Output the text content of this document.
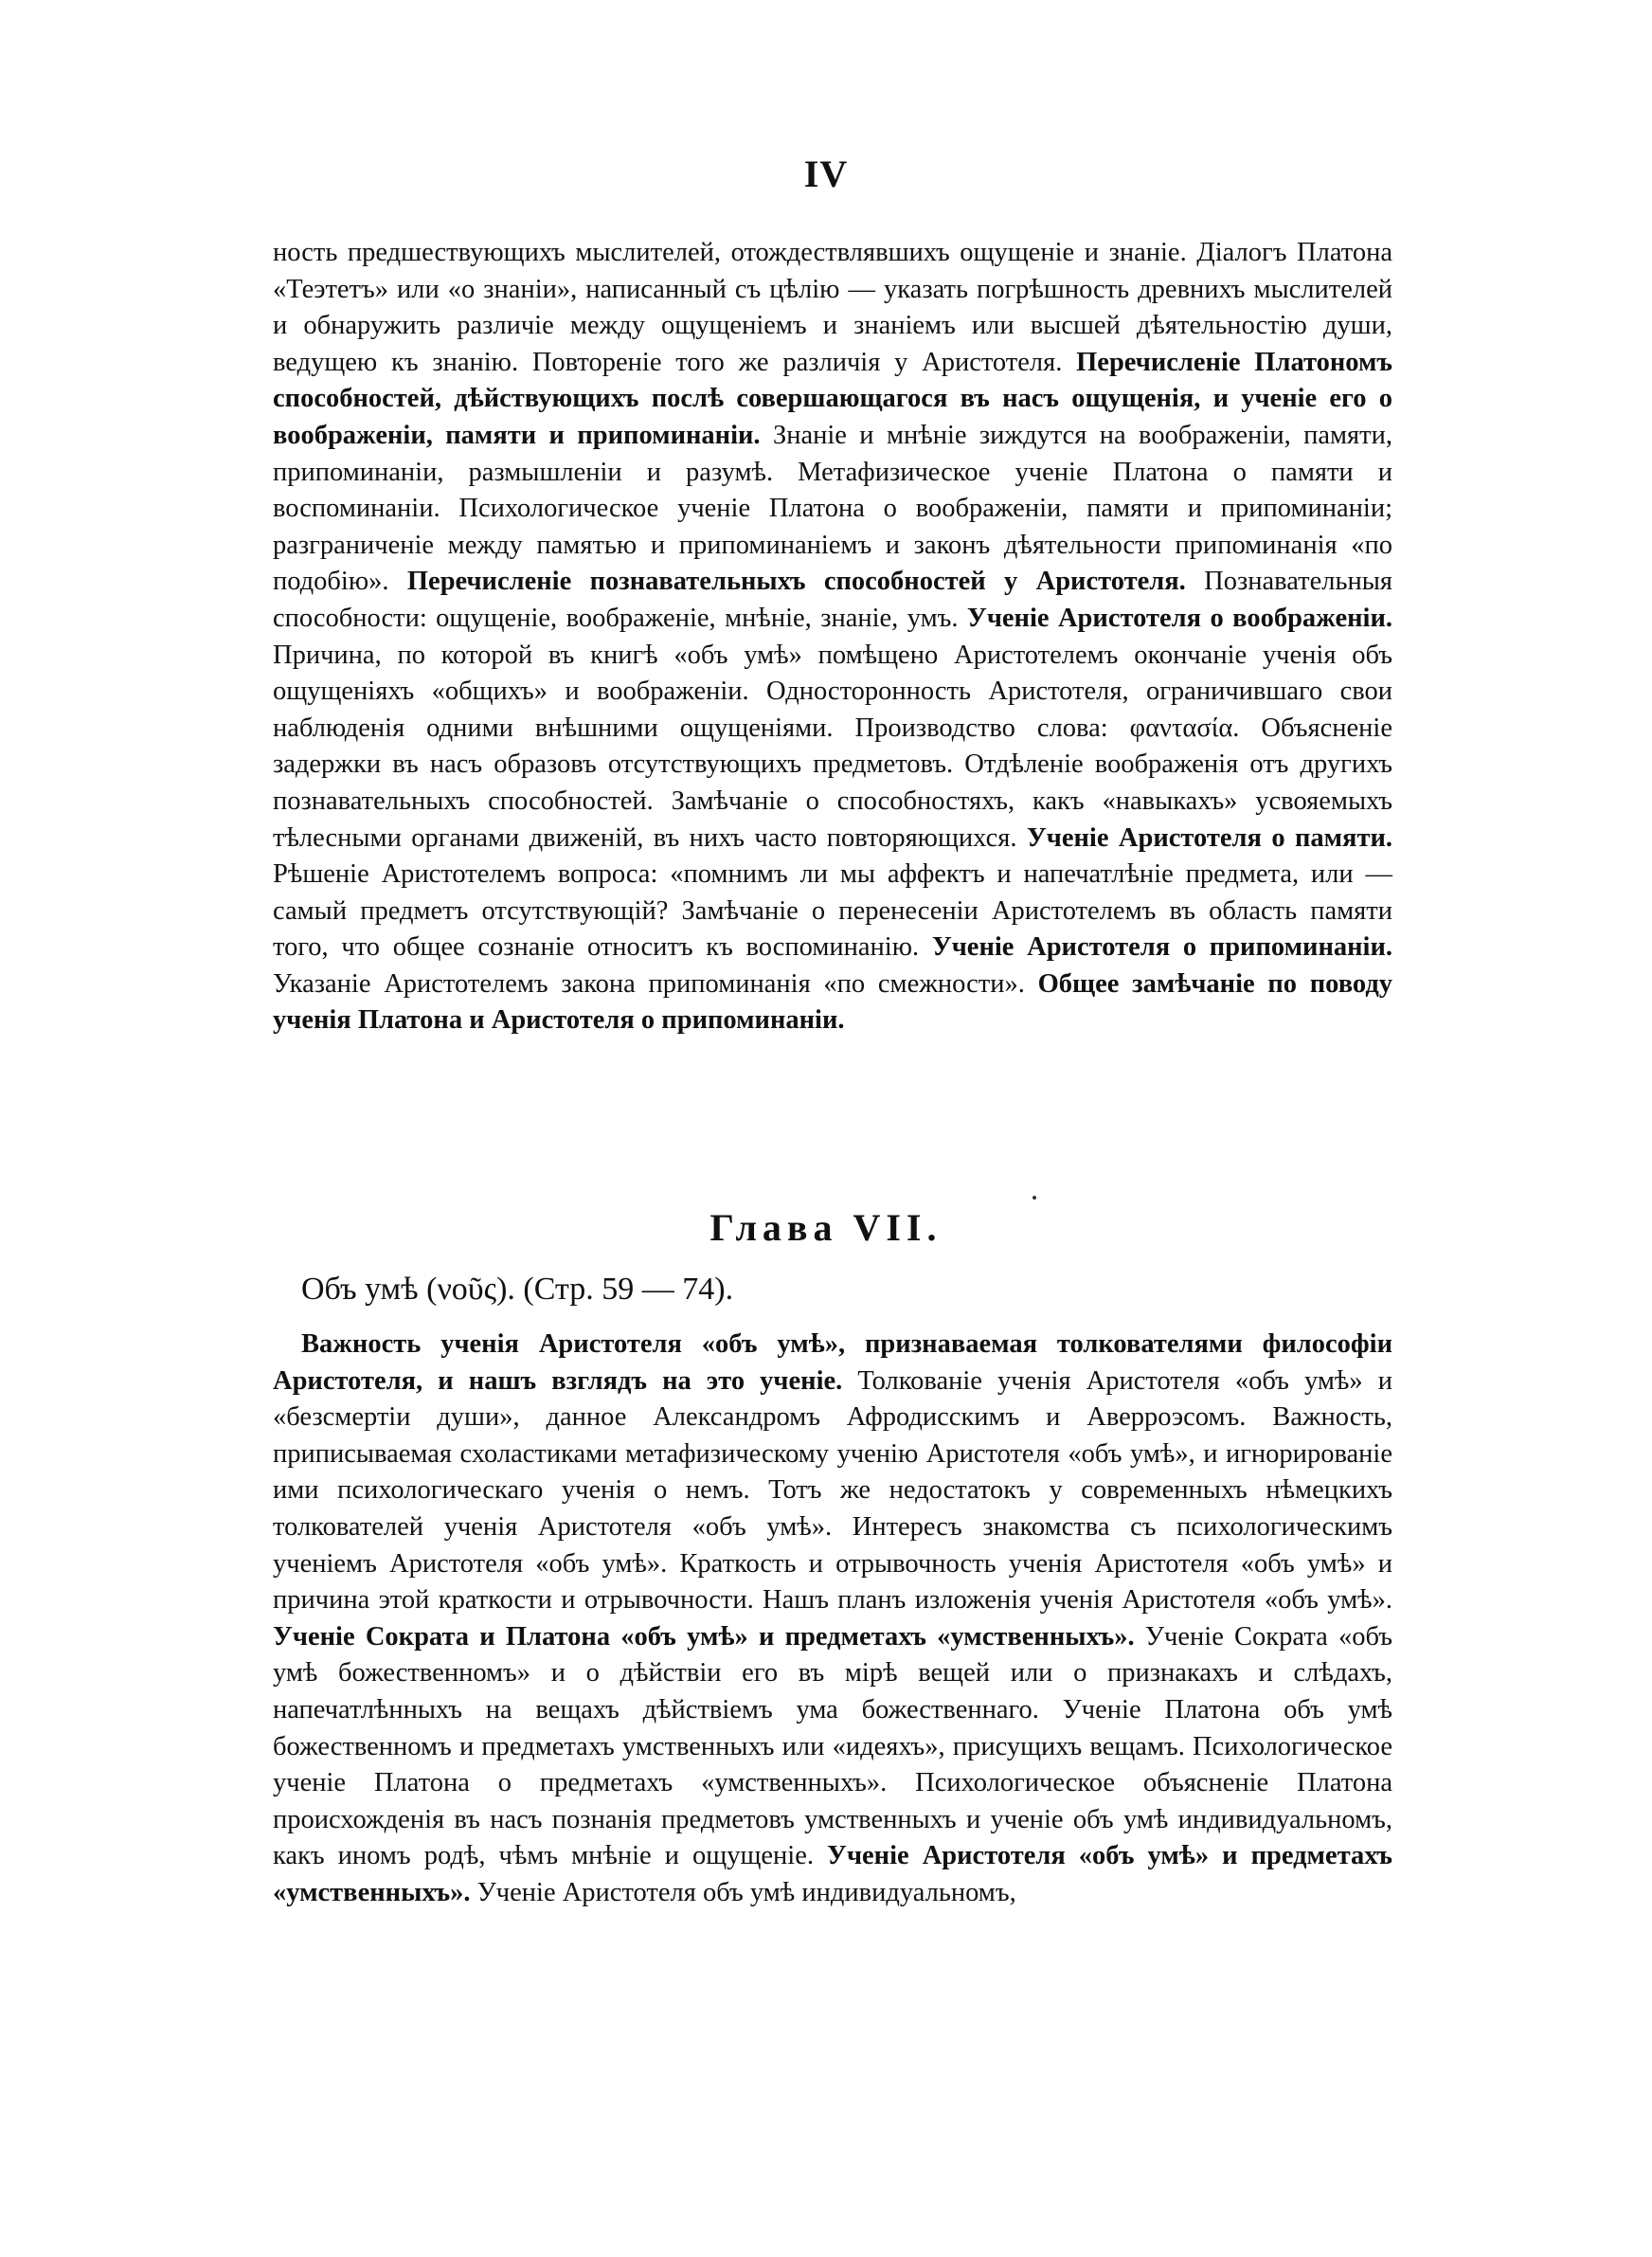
IV
ность предшествующихъ мыслителей, отождествлявшихъ ощущеніе и знаніе. Діалогъ Платона «Теэтетъ» или «о знаніи», написанный съ цѣлію — указать погрѣшность древнихъ мыслителей и обнаружить различіе между ощущеніемъ и знаніемъ или высшей дѣятельностію души, ведущею къ знанію. Повтореніе того же различія у Аристотеля. Перечисленіе Платономъ способностей, дѣйствующихъ послѣ совершающагося въ насъ ощущенія, и ученіе его о воображеніи, памяти и припоминаніи. Знаніе и мнѣніе зиждутся на воображеніи, памяти, припоминаніи, размышленіи и разумѣ. Метафизическое ученіе Платона о памяти и воспоминаніи. Психологическое ученіе Платона о воображеніи, памяти и припоминаніи; разграниченіе между памятью и припоминаніемъ и законъ дѣятельности припоминанія «по подобію». Перечисленіе познавательныхъ способностей у Аристотеля. Познавательныя способности: ощущеніе, воображеніе, мнѣніе, знаніе, умъ. Ученіе Аристотеля о воображеніи. Причина, по которой въ книгѣ «объ умѣ» помѣщено Аристотелемъ окончаніе ученія объ ощущеніяхъ «общихъ» и воображеніи. Односторонность Аристотеля, ограничившаго свои наблюденія одними внѣшними ощущеніями. Производство слова: φαντασία. Объясненіе задержки въ насъ образовъ отсутствующихъ предметовъ. Отдѣленіе воображенія отъ другихъ познавательныхъ способностей. Замѣчаніе о способностяхъ, какъ «навыкахъ» усвояемыхъ тѣлесными органами движеній, въ нихъ часто повторяющихся. Ученіе Аристотеля о памяти. Рѣшеніе Аристотелемъ вопроса: «помнимъ ли мы аффектъ и напечатлѣніе предмета, или — самый предметъ отсутствующій? Замѣчаніе о перенесеніи Аристотелемъ въ область памяти того, что общее сознаніе относитъ къ воспоминанію. Ученіе Аристотеля о припоминаніи. Указаніе Аристотелемъ закона припоминанія «по смежности». Общее замѣчаніе по поводу ученія Платона и Аристотеля о припоминаніи.
Глава VII.
Объ умѣ (νοῦς). (Стр. 59 — 74).
Важность ученія Аристотеля «объ умѣ», признаваемая толкователями философіи Аристотеля, и нашъ взглядъ на это ученіе. Толкованіе ученія Аристотеля «объ умѣ» и «безсмертіи души», данное Александромъ Афродисскимъ и Аверроэсомъ. Важность, приписываемая схоластиками метафизическому ученію Аристотеля «объ умѣ», и игнорированіе ими психологическаго ученія о немъ. Тотъ же недостатокъ у современныхъ нѣмецкихъ толкователей ученія Аристотеля «объ умѣ». Интересъ знакомства съ психологическимъ ученіемъ Аристотеля «объ умѣ». Краткость и отрывочность ученія Аристотеля «объ умѣ» и причина этой краткости и отрывочности. Нашъ планъ изложенія ученія Аристотеля «объ умѣ». Ученіе Сократа и Платона «объ умѣ» и предметахъ «умственныхъ». Ученіе Сократа «объ умѣ божественномъ» и о дѣйствіи его въ мірѣ вещей или о признакахъ и слѣдахъ, напечатлѣнныхъ на вещахъ дѣйствіемъ ума божественнаго. Ученіе Платона объ умѣ божественномъ и предметахъ умственныхъ или «идеяхъ», присущихъ вещамъ. Психологическое ученіе Платона о предметахъ «умственныхъ». Психологическое объясненіе Платона происхожденія въ насъ познанія предметовъ умственныхъ и ученіе объ умѣ индивидуальномъ, какъ иномъ родѣ, чѣмъ мнѣніе и ощущеніе. Ученіе Аристотеля «объ умѣ» и предметахъ «умственныхъ». Ученіе Аристотеля объ умѣ индивидуальномъ,
